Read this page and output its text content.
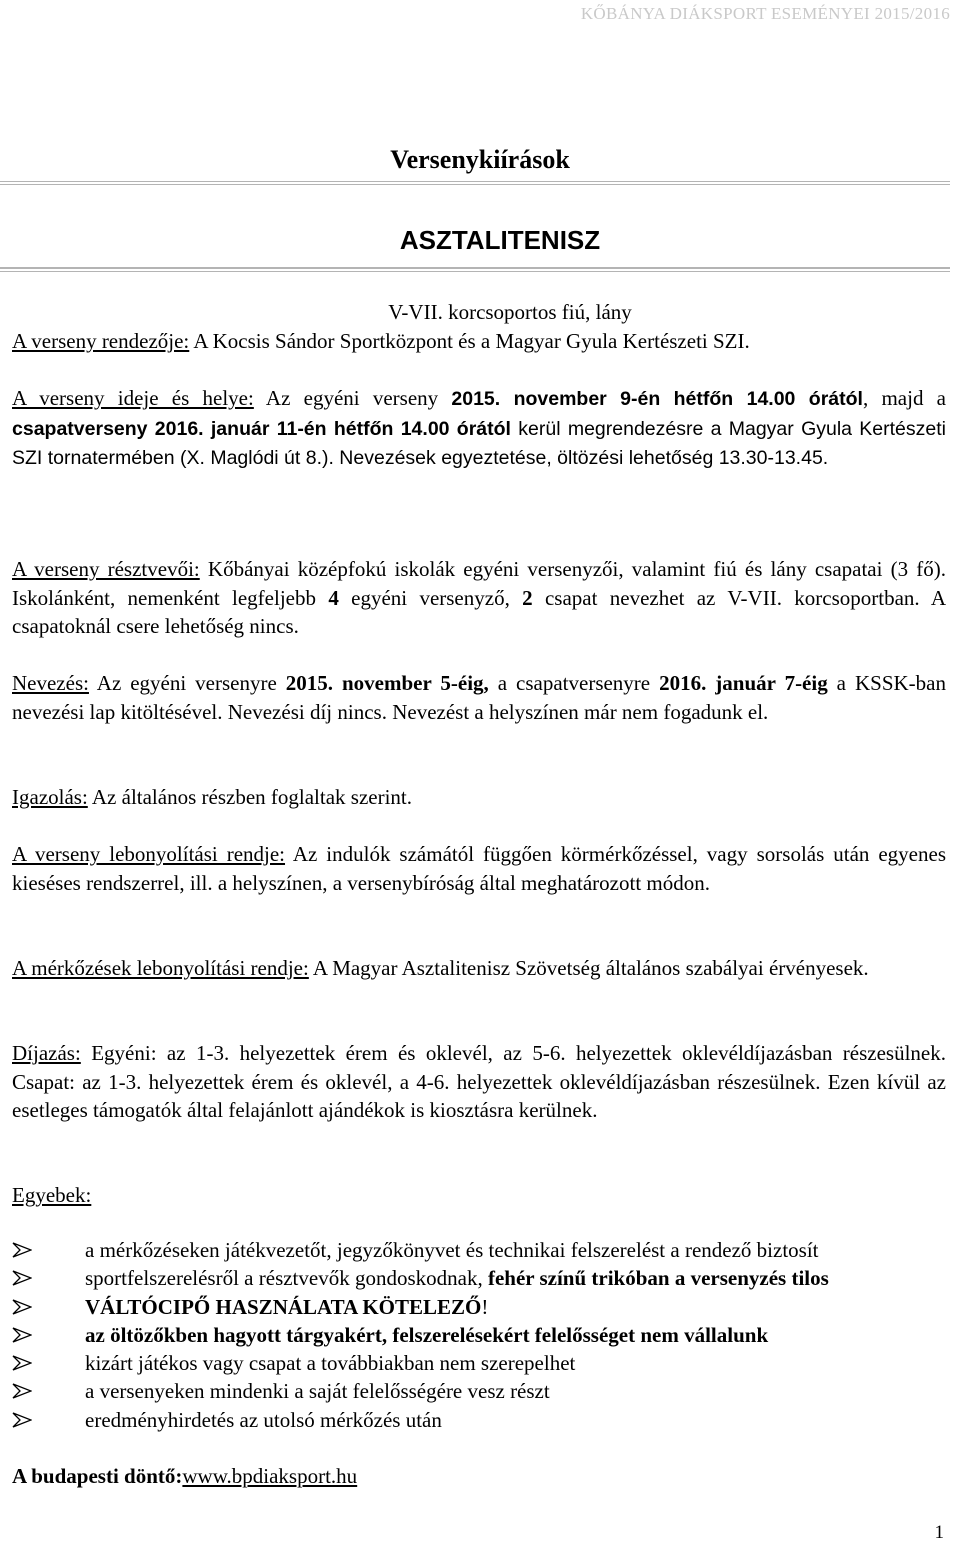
KŐBÁNYA DIÁKSPORT ESEMÉNYEI 2015/2016
Versenykiírások
ASZTALITENISZ
V-VII. korcsoportos fiú, lány

A verseny rendezője: A Kocsis Sándor Sportközpont és a Magyar Gyula Kertészeti SZI.

A verseny ideje és helye: Az egyéni verseny 2015. november 9-én hétfőn 14.00 órától, majd a csapatverseny 2016. január 11-én hétfőn 14.00 órától kerül megrendezésre a Magyar Gyula Kertészeti SZI tornatermében (X. Maglódi út 8.). Nevezések egyeztetése, öltözési lehetőség 13.30-13.45.

A verseny résztvevői: Kőbányai középfokú iskolák egyéni versenyzői, valamint fiú és lány csapatai (3 fő). Iskolánként, nemenként legfeljebb 4 egyéni versenyző, 2 csapat nevezhet az V-VII. korcsoportban. A csapatoknál csere lehetőség nincs.

Nevezés: Az egyéni versenyre 2015. november 5-éig, a csapatversenyre 2016. január 7-éig a KSSK-ban nevezési lap kitöltésével. Nevezési díj nincs. Nevezést a helyszínen már nem fogadunk el.

Igazolás: Az általános részben foglaltak szerint.

A verseny lebonyolítási rendje: Az indulók számától függően körmérkőzéssel, vagy sorsolás után egyenes kieséses rendszerrel, ill. a helyszínen, a versenybíróság által meghatározott módon.

A mérkőzések lebonyolítási rendje: A Magyar Asztalitenisz Szövetség általános szabályai érvényesek.

Díjazás: Egyéni: az 1-3. helyezettek érem és oklevél, az 5-6. helyezettek oklevéldíjazásban részesülnek. Csapat: az 1-3. helyezettek érem és oklevél, a 4-6. helyezettek oklevéldíjazásban részesülnek. Ezen kívül az esetleges támogatók által felajánlott ajándékok is kiosztásra kerülnek.

Egyebek:

a mérkőzéseken játékvezetőt, jegyzőkönyvet és technikai felszerelést a rendező biztosít
sportfelszerelésről a résztvevők gondoskodnak, fehér színű trikóban a versenyzés tilos
VÁLTÓCIPŐ HASZNÁLATA KÖTELEZŐ!
az öltözőkben hagyott tárgyakért, felszerelésekért felelősséget nem vállalunk
kizárt játékos vagy csapat a továbbiakban nem szerepelhet
a versenyeken mindenki a saját felelősségére vesz részt
eredményhirdetés az utolsó mérkőzés után
A budapesti döntő:www.bpdiaksport.hu
1
